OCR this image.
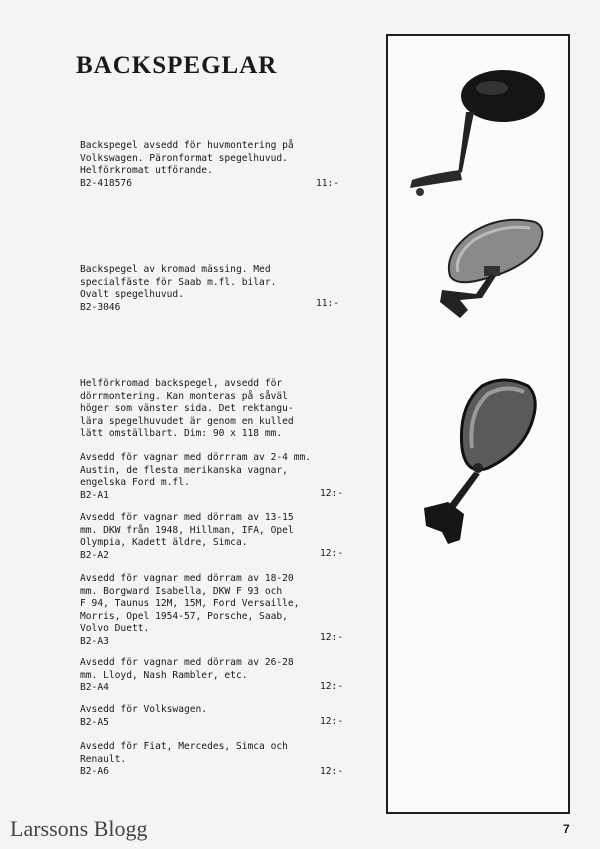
BACKSPEGLAR
Backspegel avsedd för huvmontering på
Volkswagen. Päronformat spegelhuvud.
Helförkromat utförande.
B2-418576	11:-
Backspegel av kromad mässing. Med
specialfäste för Saab m.fl. bilar.
Ovalt spegelhuvud.
B2-3046	11:-
Helförkromad backspegel, avsedd för
dörrmontering. Kan monteras på såväl
höger som vänster sida. Det rektangu-
lära spegelhuvudet är genom en kulled
lätt omställbart. Dim: 90 x 118 mm.
Avsedd för vagnar med dörrram av 2-4 mm.
Austin, de flesta merikanska vagnar,
engelska Ford m.fl.
B2-A1	12:-
Avsedd för vagnar med dörram av 13-15
mm. DKW från 1948, Hillman, IFA, Opel
Olympia, Kadett äldre, Simca.
B2-A2	12:-
Avsedd för vagnar med dörram av 18-20
mm. Borgward Isabella, DKW F 93 och
F 94, Taunus 12M, 15M, Ford Versaille,
Morris, Opel 1954-57, Porsche, Saab,
Volvo Duett.
B2-A3	12:-
Avsedd för vagnar med dörram av 26-28
mm. Lloyd, Nash Rambler, etc.
B2-A4	12:-
Avsedd för Volkswagen.
B2-A5	12:-
Avsedd för Fiat, Mercedes, Simca och
Renault.
B2-A6	12:-
Larssons Blogg	7
